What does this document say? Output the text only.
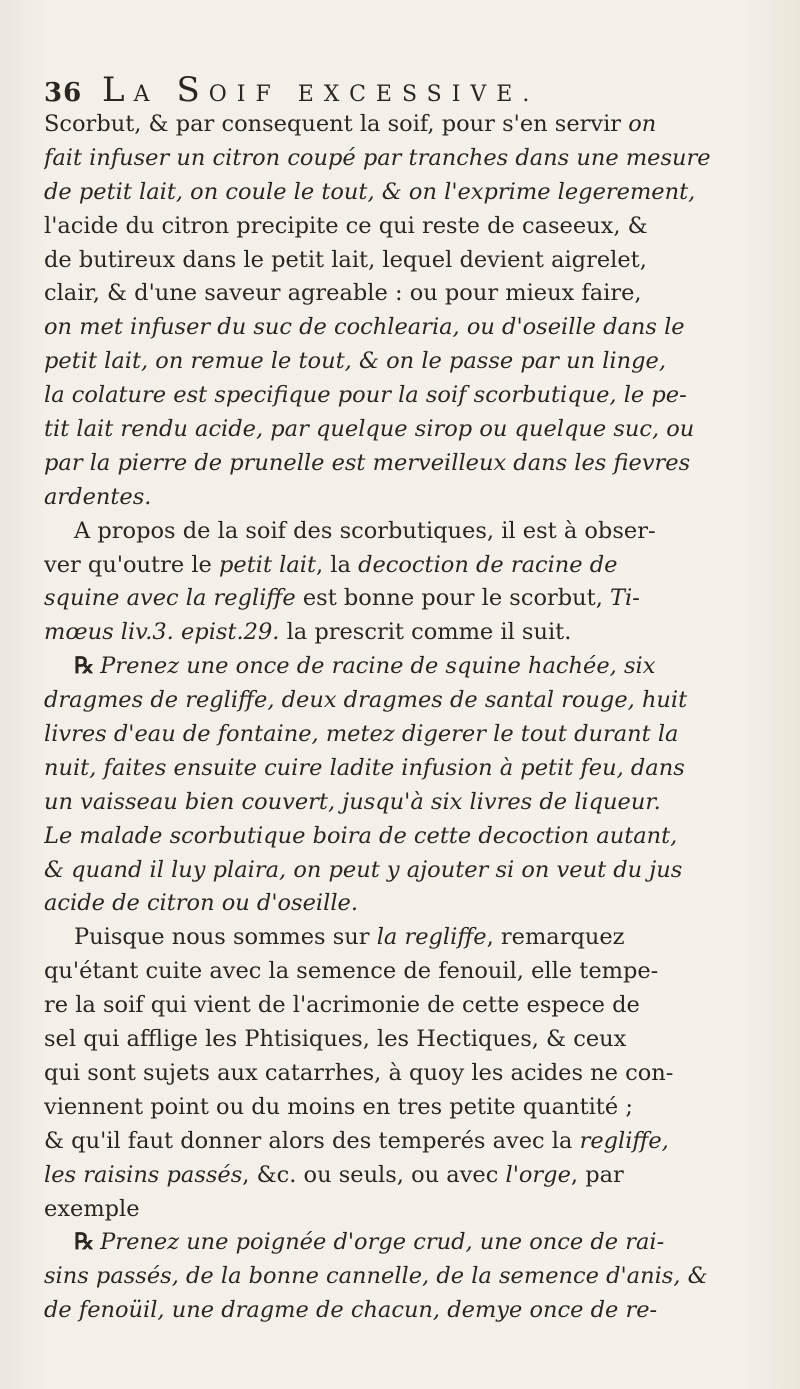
36 LA SOIF EXCESSIVE.
Scorbut, & par consequent la soif, pour s'en servir on
fait infuser un citron coupé par tranches dans une mesure
de petit lait, on coule le tout, & on l'exprime legerement,
l'acide du citron precipite ce qui reste de caseeux, &
de butireux dans le petit lait, lequel devient aigrelet,
clair, & d'une saveur agreable : ou pour mieux faire,
on met infuser du suc de cochlearia, ou d'oseille dans le
petit lait, on remue le tout, & on le passe par un linge,
la colature est specifique pour la soif scorbutique, le pe-
tit lait rendu acide, par quelque sirop ou quelque suc, ou
par la pierre de prunelle est merveilleux dans les fievres
ardentes.
A propos de la soif des scorbutiques, il est à obser-
ver qu'outre le petit lait, la decoction de racine de
squine avec la regliffe est bonne pour le scorbut, Ti-
mœus liv.3. epist.29. la prescrit comme il suit.
℞ Prenez une once de racine de squine hachée, six
dragmes de regliffe, deux dragmes de santal rouge, huit
livres d'eau de fontaine, metez digerer le tout durant la
nuit, faites ensuite cuire ladite infusion à petit feu, dans
un vaisseau bien couvert, jusqu'à six livres de liqueur.
Le malade scorbutique boira de cette decoction autant,
& quand il luy plaira, on peut y ajouter si on veut du jus
acide de citron ou d'oseille.
Puisque nous sommes sur la regliffe, remarquez
qu'étant cuite avec la semence de fenouil, elle tempe-
re la soif qui vient de l'acrimonie de cette espece de
sel qui afflige les Phtisiques, les Hectiques, & ceux
qui sont sujets aux catarrhes, à quoy les acides ne con-
viennent point ou du moins en tres petite quantité ;
& qu'il faut donner alors des temperés avec la regliffe,
les raisins passés, &c. ou seuls, ou avec l'orge, par
exemple
℞ Prenez une poignée d'orge crud, une once de rai-
sins passés, de la bonne cannelle, de la semence d'anis, &
de fenoüil, une dragme de chacun, demye once de re-
